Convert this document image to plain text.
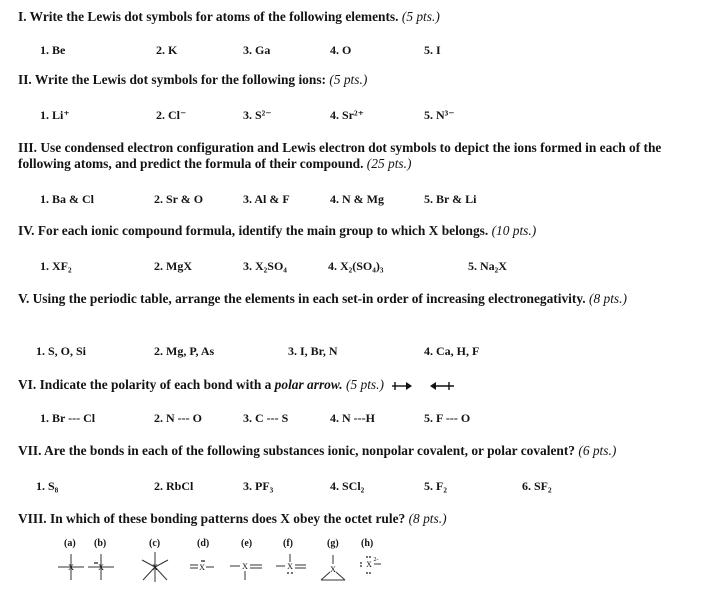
I. Write the Lewis dot symbols for atoms of the following elements. (5 pts.)
1. Be	2. K	3. Ga	4. O	5. I
II. Write the Lewis dot symbols for the following ions: (5 pts.)
1. Li⁺	2. Cl⁻	3. S²⁻	4. Sr²⁺	5. N³⁻
III. Use condensed electron configuration and Lewis electron dot symbols to depict the ions formed in each of the following atoms, and predict the formula of their compound. (25 pts.)
1. Ba & Cl	2. Sr & O	3. Al & F	4. N & Mg	5. Br & Li
IV. For each ionic compound formula, identify the main group to which X belongs. (10 pts.)
1. XF₂	2. MgX	3. X₂SO₄	4. X₂(SO₄)₃	5. Na₂X
V. Using the periodic table, arrange the elements in each set-in order of increasing electronegativity. (8 pts.)
1. S, O, Si	2. Mg, P, As	3. I, Br, N	4. Ca, H, F
VI. Indicate the polarity of each bond with a polar arrow. (5 pts.)
1. Br --- Cl	2. N --- O	3. C --- S	4. N ---H	5. F --- O
VII. Are the bonds in each of the following substances ionic, nonpolar covalent, or polar covalent? (6 pts.)
1. S₈	2. RbCl	3. PF₃	4. SCl₂	5. F₂	6. SF₂
VIII. In which of these bonding patterns does X obey the octet rule? (8 pts.)
(a) (b)	(c)	(d)	(e)	(f)	(g) (h)
X	X	X	X	X	X	X
X 2-
